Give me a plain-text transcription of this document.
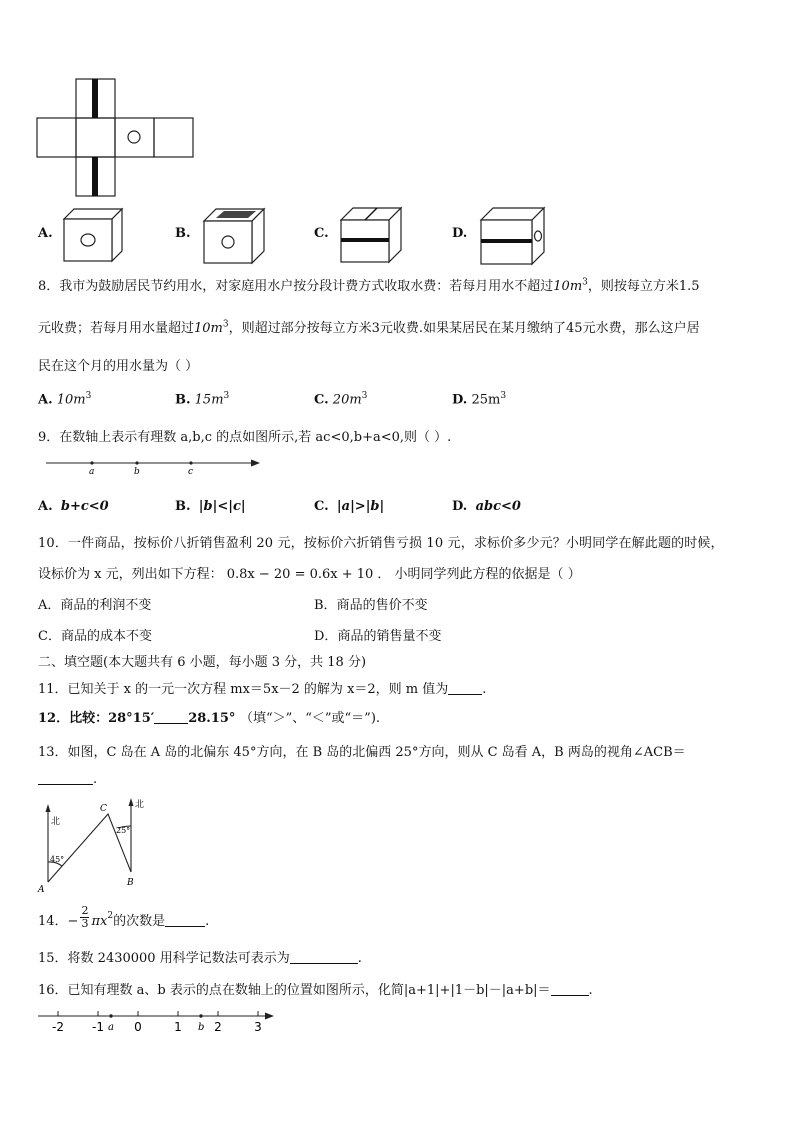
A.	B.	C.	D.
8．我市为鼓励居民节约用水，对家庭用水户按分段计费方式收取水费：若每月用水不超过$10m^3$，则按每立方米1.5
元收费；若每月用水量超过$10m^3$，则超过部分按每立方米3元收费.如果某居民在某月缴纳了45元水费，那么这户居
民在这个月的用水量为（ ）
A. $10m^3$	B. $15m^3$	C. $20m^3$	D. $25m^3$
9．在数轴上表示有理数 a,b,c 的点如图所示,若 ac<0,b+a<0,则（ ）.
a	b	c
A. b+c<0	B. |b|<|c|	C. |a|>|b|	D. abc<0
10．一件商品，按标价八折销售盈利 20 元，按标价六折销售亏损 10 元，求标价多少元？小明同学在解此题的时候，
设标价为 x 元，列出如下方程： 0.8x − 20 = 0.6x + 10 ． 小明同学列此方程的依据是（ ）
A．商品的利润不变	B．商品的售价不变
C．商品的成本不变	D．商品的销售量不变
二、填空题(本大题共有 6 小题，每小题 3 分，共 18 分)
11．已知关于 x 的一元一次方程 mx＝5x－2 的解为 x＝2，则 m 值为	.
12．比较：28°15′	28.15° （填“＞”、“＜”或“＝”).
13．如图，C 岛在 A 岛的北偏东 45°方向，在 B 岛的北偏西 25°方向，则从 C 岛看 A，B 两岛的视角∠ACB＝
.
北
北
45°
25°
A
B
C
14．− $\frac{2}{3} \pi x^2$的次数是	.
15．将数 2430000 用科学记数法可表示为	.
16．已知有理数 a、b 表示的点在数轴上的位置如图所示，化简|a+1|+|1－b|－|a+b|＝	.
-2 -1	0	1	2	3
a	b
